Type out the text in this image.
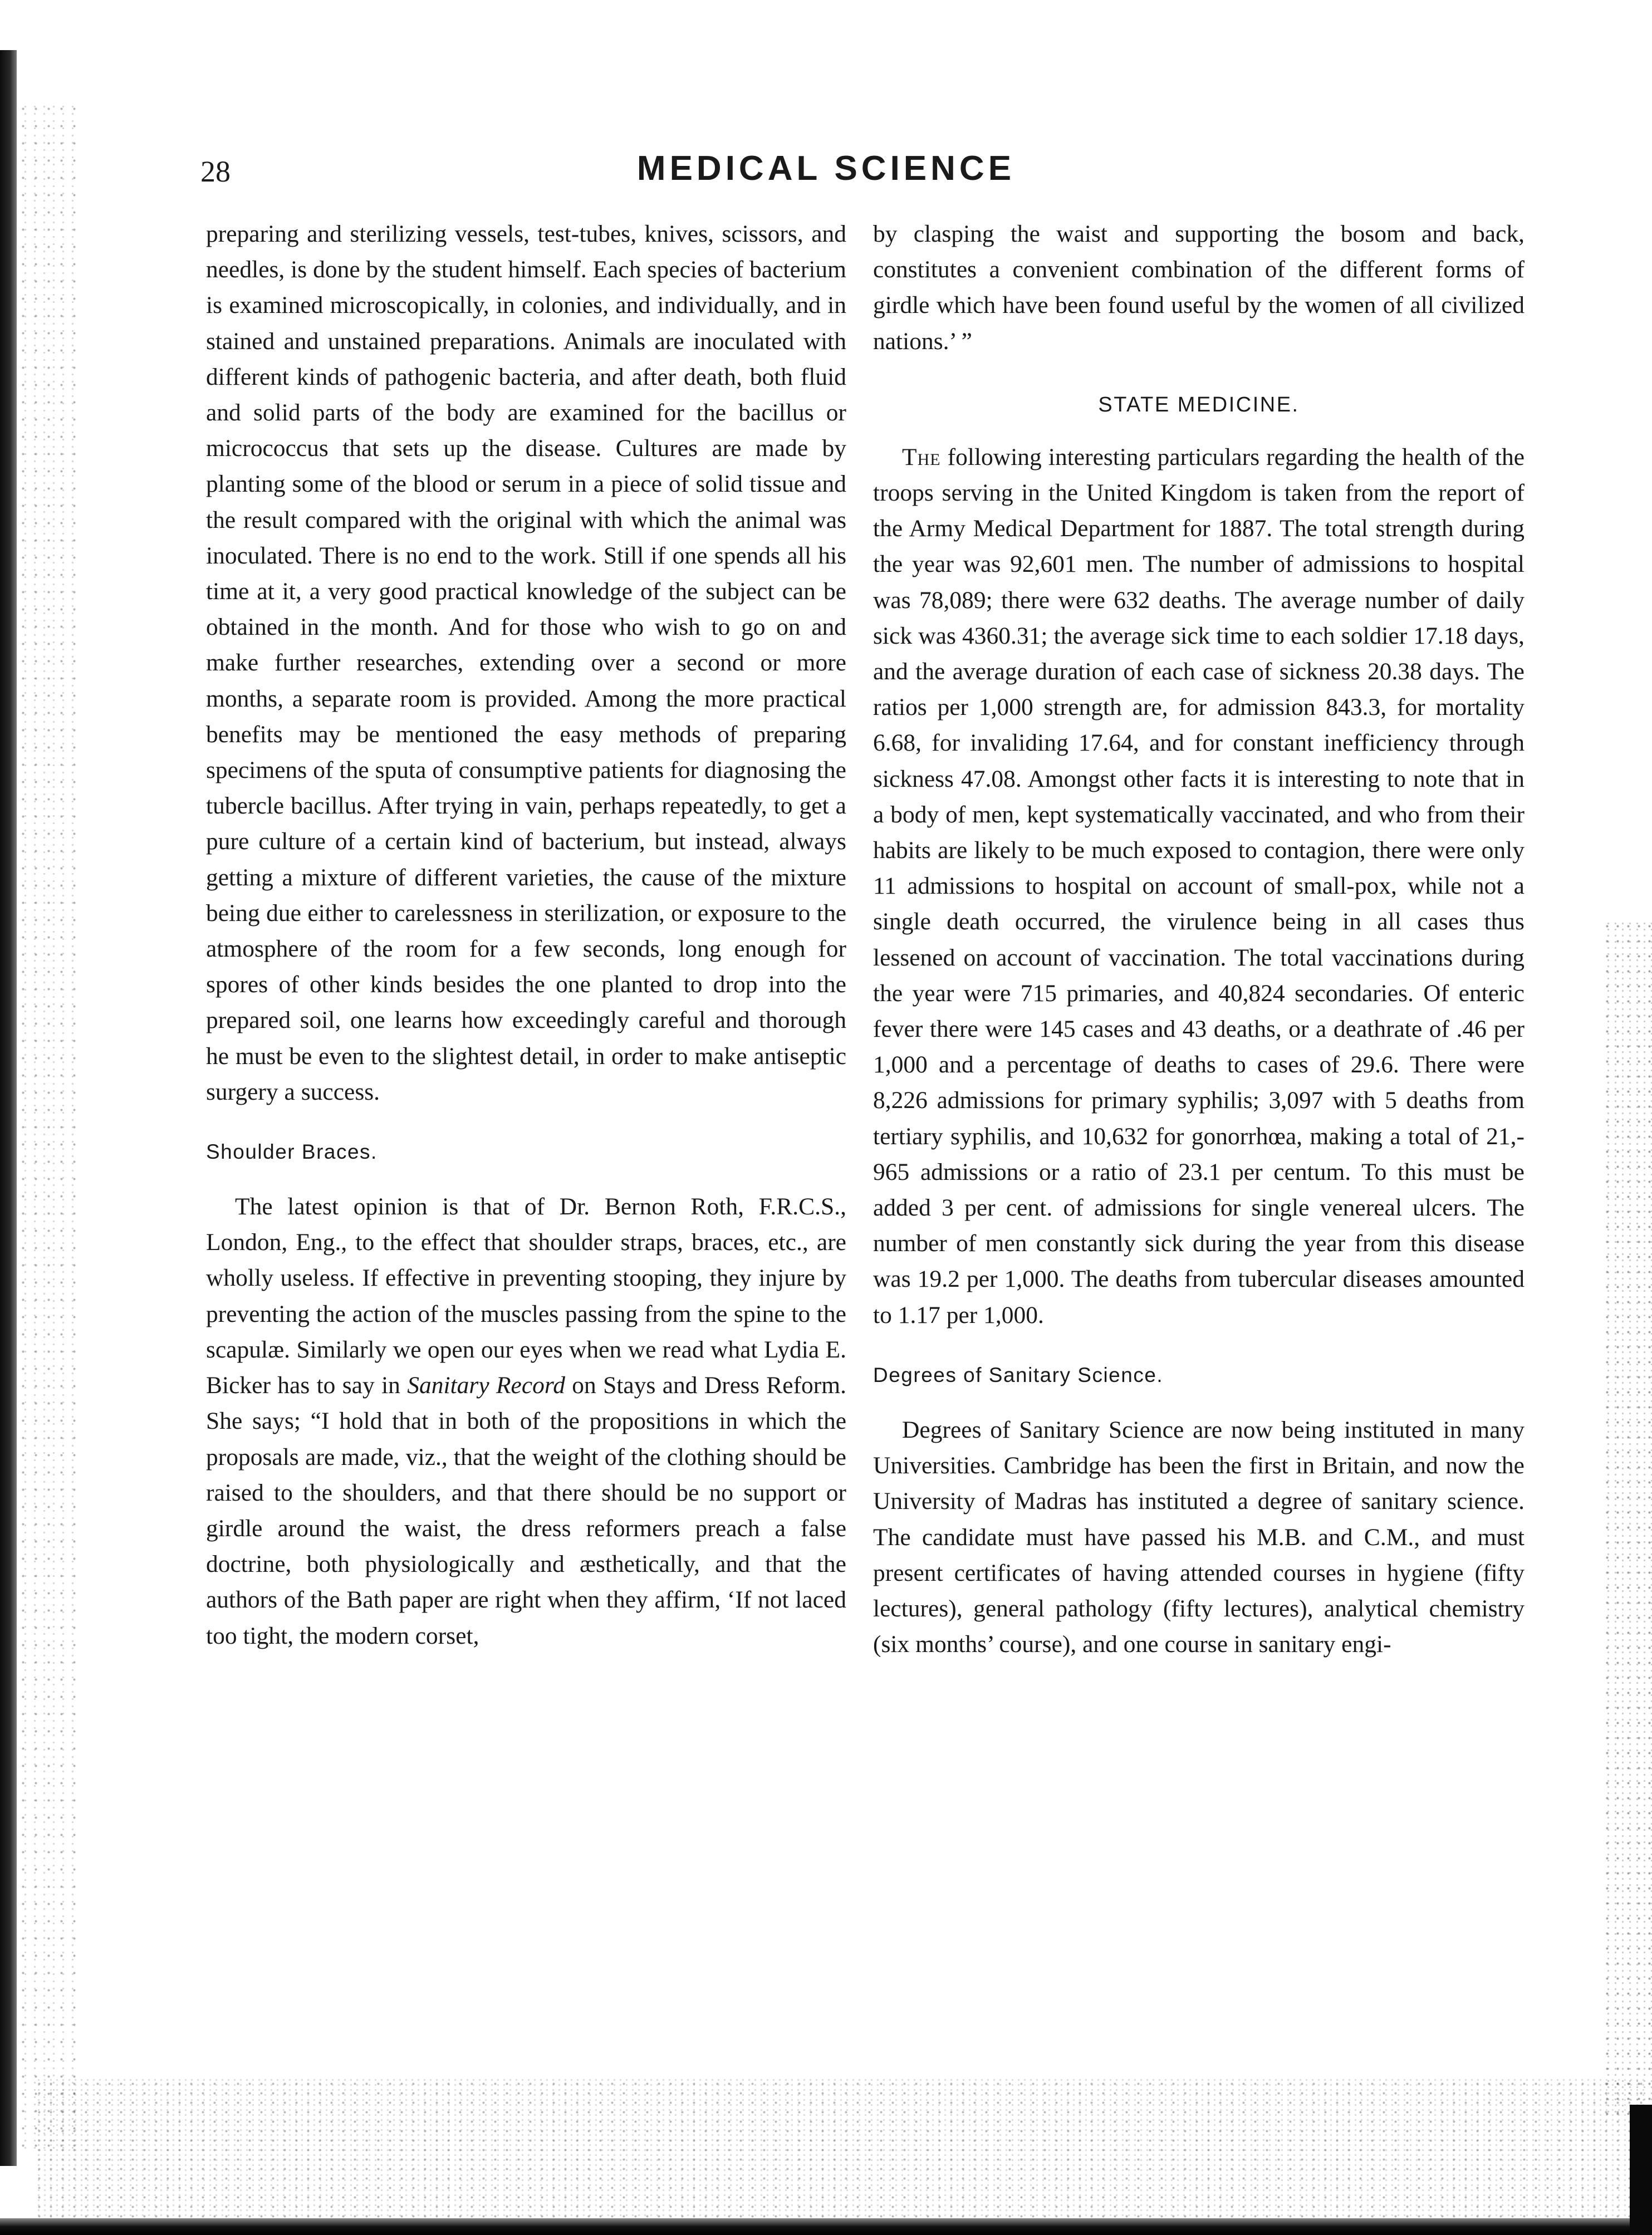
28	MEDICAL SCIENCE

preparing and sterilizing vessels, test-tubes, knives, scissors, and needles, is done by the student himself. Each species of bacterium is examined microscopically, in colonies, and individually, and in stained and unstained preparations. Animals are inoculated with different kinds of pathogenic bacteria, and after death, both fluid and solid parts of the body are examined for the bacillus or micrococcus that sets up the disease. Cultures are made by planting some of the blood or serum in a piece of solid tissue and the result compared with the original with which the animal was inoculated. There is no end to the work. Still if one spends all his time at it, a very good practical knowledge of the subject can be obtained in the month. And for those who wish to go on and make further researches, extending over a second or more months, a separate room is provided. Among the more practical benefits may be mentioned the easy methods of preparing specimens of the sputa of consumptive patients for diagnosing the tubercle bacillus. After trying in vain, perhaps repeatedly, to get a pure culture of a certain kind of bacterium, but instead, always getting a mixture of different varieties, the cause of the mixture being due either to carelessness in sterilization, or exposure to the atmosphere of the room for a few seconds, long enough for spores of other kinds besides the one planted to drop into the prepared soil, one learns how exceedingly careful and thorough he must be even to the slightest detail, in order to make antiseptic surgery a success.

Shoulder Braces.

The latest opinion is that of Dr. Bernon Roth, F.R.C.S., London, Eng., to the effect that shoulder straps, braces, etc., are wholly useless. If effective in preventing stooping, they injure by preventing the action of the muscles passing from the spine to the scapulæ. Similarly we open our eyes when we read what Lydia E. Bicker has to say in Sanitary Record on Stays and Dress Reform. She says; “I hold that in both of the propositions in which the proposals are made, viz., that the weight of the clothing should be raised to the shoulders, and that there should be no support or girdle around the waist, the dress reformers preach a false doctrine, both physiologically and æsthetically, and that the authors of the Bath paper are right when they affirm, ‘If not laced too tight, the modern corset,

by clasping the waist and supporting the bosom and back, constitutes a convenient combination of the different forms of girdle which have been found useful by the women of all civilized nations.’ ”

STATE MEDICINE.

The following interesting particulars regarding the health of the troops serving in the United Kingdom is taken from the report of the Army Medical Department for 1887. The total strength during the year was 92,601 men. The number of admissions to hospital was 78,089; there were 632 deaths. The average number of daily sick was 4360.31; the average sick time to each soldier 17.18 days, and the average duration of each case of sickness 20.38 days. The ratios per 1,000 strength are, for admission 843.3, for mortality 6.68, for invaliding 17.64, and for constant inefficiency through sickness 47.08. Amongst other facts it is interesting to note that in a body of men, kept systematically vaccinated, and who from their habits are likely to be much exposed to contagion, there were only 11 admissions to hospital on account of small-pox, while not a single death occurred, the virulence being in all cases thus lessened on account of vaccination. The total vaccinations during the year were 715 primaries, and 40,824 secondaries. Of enteric fever there were 145 cases and 43 deaths, or a deathrate of .46 per 1,000 and a percentage of deaths to cases of 29.6. There were 8,226 admissions for primary syphilis; 3,097 with 5 deaths from tertiary syphilis, and 10,632 for gonorrhœa, making a total of 21,965 admissions or a ratio of 23.1 per centum. To this must be added 3 per cent. of admissions for single venereal ulcers. The number of men constantly sick during the year from this disease was 19.2 per 1,000. The deaths from tubercular diseases amounted to 1.17 per 1,000.

Degrees of Sanitary Science.

Degrees of Sanitary Science are now being instituted in many Universities. Cambridge has been the first in Britain, and now the University of Madras has instituted a degree of sanitary science. The candidate must have passed his M.B. and C.M., and must present certificates of having attended courses in hygiene (fifty lectures), general pathology (fifty lectures), analytical chemistry (six months’ course), and one course in sanitary engi-
